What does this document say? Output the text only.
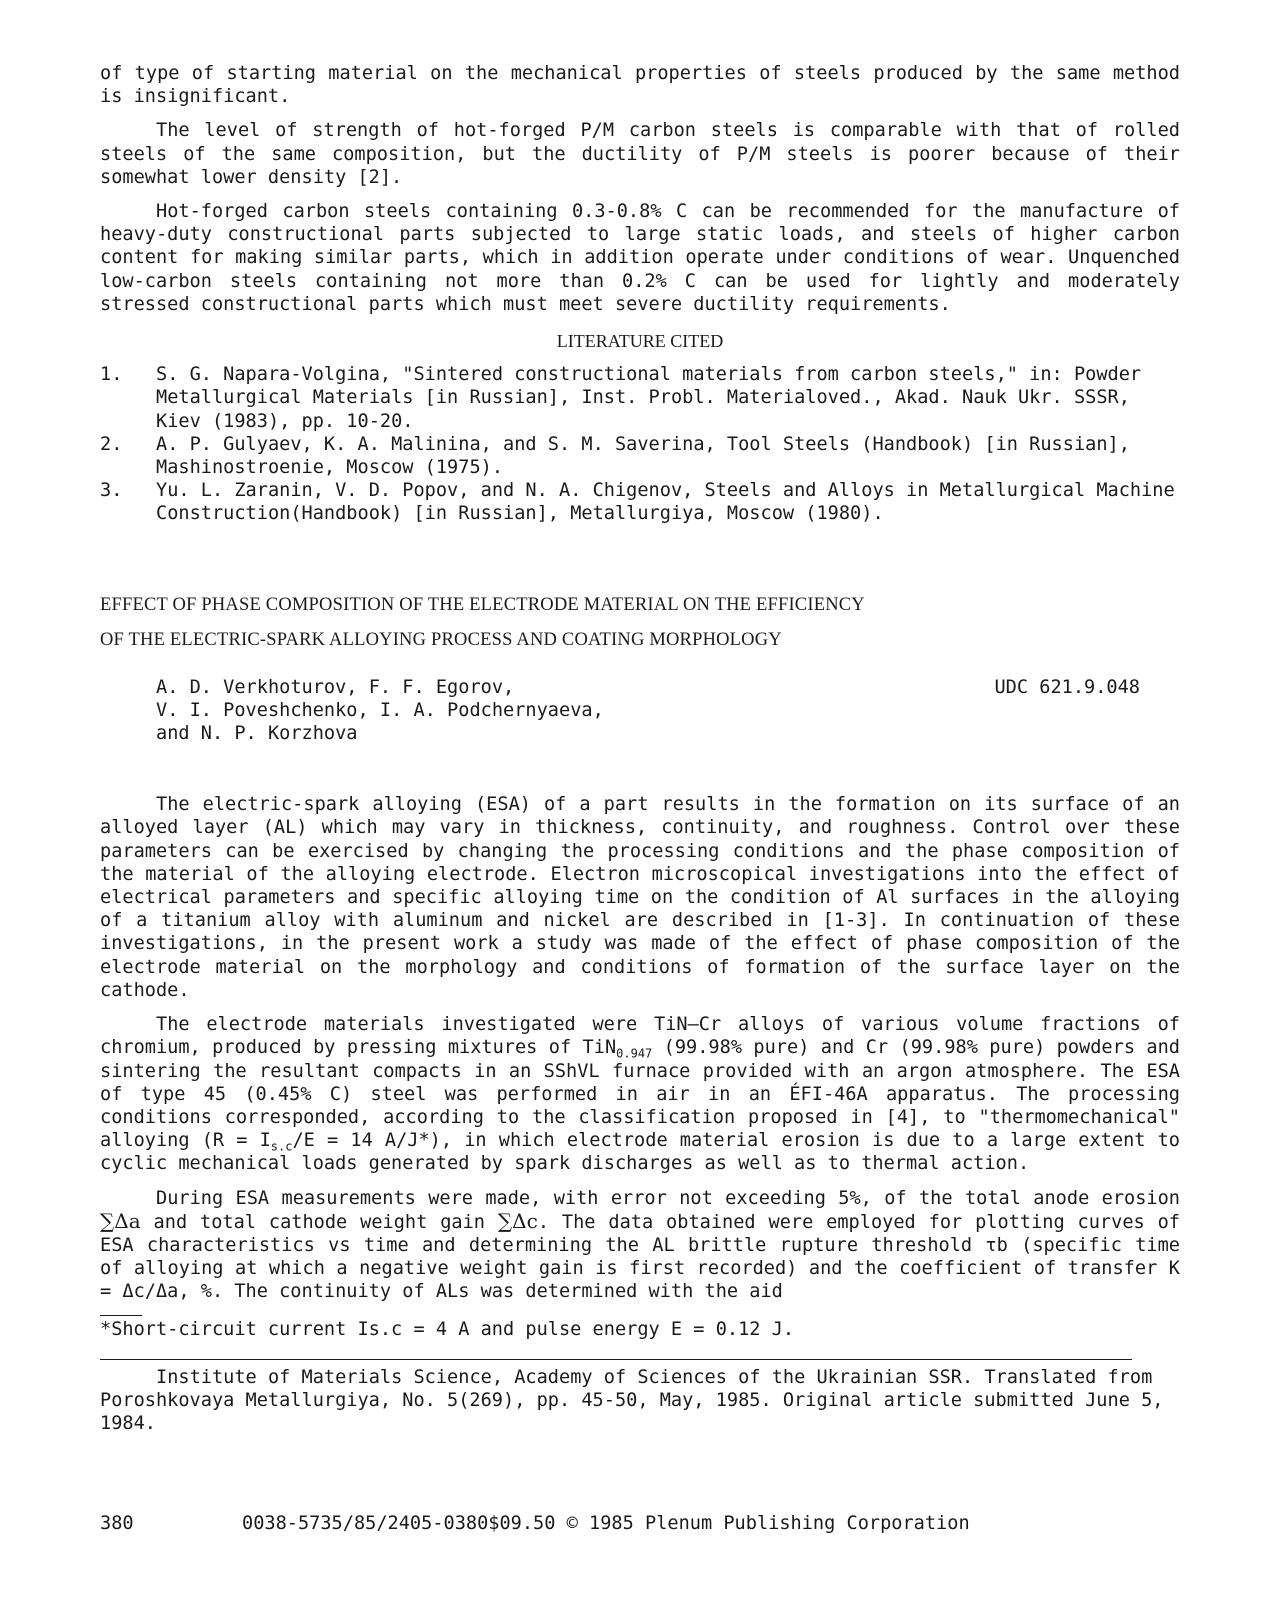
of type of starting material on the mechanical properties of steels produced by the same method is insignificant.

The level of strength of hot-forged P/M carbon steels is comparable with that of rolled steels of the same composition, but the ductility of P/M steels is poorer because of their somewhat lower density [2].

Hot-forged carbon steels containing 0.3-0.8% C can be recommended for the manufacture of heavy-duty constructional parts subjected to large static loads, and steels of higher carbon content for making similar parts, which in addition operate under conditions of wear. Unquenched low-carbon steels containing not more than 0.2% C can be used for lightly and moderately stressed constructional parts which must meet severe ductility requirements.

LITERATURE CITED

1.	S. G. Napara-Volgina, "Sintered constructional materials from carbon steels," in: Powder Metallurgical Materials [in Russian], Inst. Probl. Materialoved., Akad. Nauk Ukr. SSSR, Kiev (1983), pp. 10-20.
2.	A. P. Gulyaev, K. A. Malinina, and S. M. Saverina, Tool Steels (Handbook) [in Russian], Mashinostroenie, Moscow (1975).
3.	Yu. L. Zaranin, V. D. Popov, and N. A. Chigenov, Steels and Alloys in Metallurgical Machine Construction(Handbook) [in Russian], Metallurgiya, Moscow (1980).
EFFECT OF PHASE COMPOSITION OF THE ELECTRODE MATERIAL ON THE EFFICIENCY
OF THE ELECTRIC-SPARK ALLOYING PROCESS AND COATING MORPHOLOGY
A. D. Verkhoturov, F. F. Egorov,
V. I. Poveshchenko, I. A. Podchernyaeva,
and N. P. Korzhova
UDC 621.9.048

The electric-spark alloying (ESA) of a part results in the formation on its surface of an alloyed layer (AL) which may vary in thickness, continuity, and roughness. Control over these parameters can be exercised by changing the processing conditions and the phase composition of the material of the alloying electrode. Electron microscopical investigations into the effect of electrical parameters and specific alloying time on the condition of Al surfaces in the alloying of a titanium alloy with aluminum and nickel are described in [1-3]. In continuation of these investigations, in the present work a study was made of the effect of phase composition of the electrode material on the morphology and conditions of formation of the surface layer on the cathode.

The electrode materials investigated were TiN–Cr alloys of various volume fractions of chromium, produced by pressing mixtures of TiN$_{0.947}$ (99.98% pure) and Cr (99.98% pure) powders and sintering the resultant compacts in an SShVL furnace provided with an argon atmosphere. The ESA of type 45 (0.45% C) steel was performed in air in an ÉFI-46A apparatus. The processing conditions corresponded, according to the classification proposed in [4], to "thermomechanical" alloying ($R = I_{s.c}/E = 14$ A/J*), in which electrode material erosion is due to a large extent to cyclic mechanical loads generated by spark discharges as well as to thermal action.

During ESA measurements were made, with error not exceeding 5%, of the total anode erosion ∑Δa and total cathode weight gain ∑Δc. The data obtained were employed for plotting curves of ESA characteristics vs time and determining the AL brittle rupture threshold τb (specific time of alloying at which a negative weight gain is first recorded) and the coefficient of transfer K = Δc/Δa, %. The continuity of ALs was determined with the aid

*Short-circuit current Is.c = 4 A and pulse energy E = 0.12 J.

Institute of Materials Science, Academy of Sciences of the Ukrainian SSR. Translated from Poroshkovaya Metallurgiya, No. 5(269), pp. 45-50, May, 1985. Original article submitted June 5, 1984.

380	0038-5735/85/2405-0380$09.50 © 1985 Plenum Publishing Corporation
